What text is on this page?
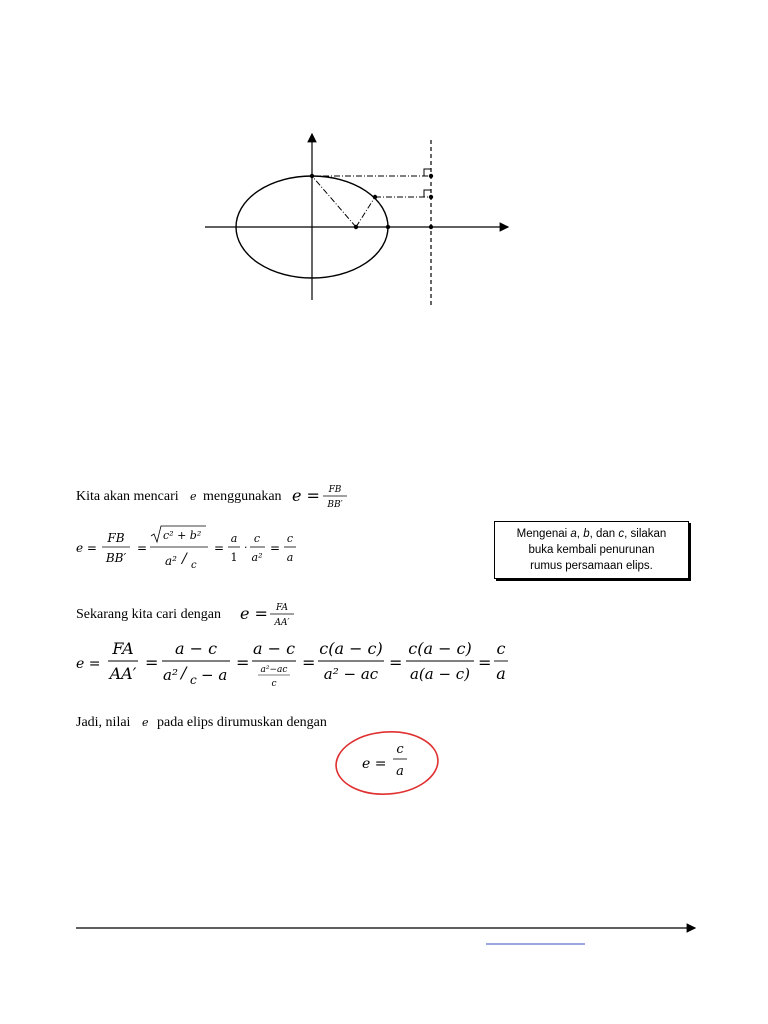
Kita akan mencari e menggunakan e = FB
BB′
e =
FB
BB′
=
c² + b²
a² / c
=
a
1
·
c
a²
=
c
a
Mengenai a, b, dan c, silakan
buka kembali penurunan
rumus persamaan elips.
Sekarang kita cari dengan e = FA
AA′
e =
FA
AA′
=
a − c
a² / c − a
=
a − c
a²−ac
c
=
c(a − c)
a² − ac
=
c(a − c)
a(a − c)
=
c
a
Jadi, nilai e pada elips dirumuskan dengan
e =
c
a
